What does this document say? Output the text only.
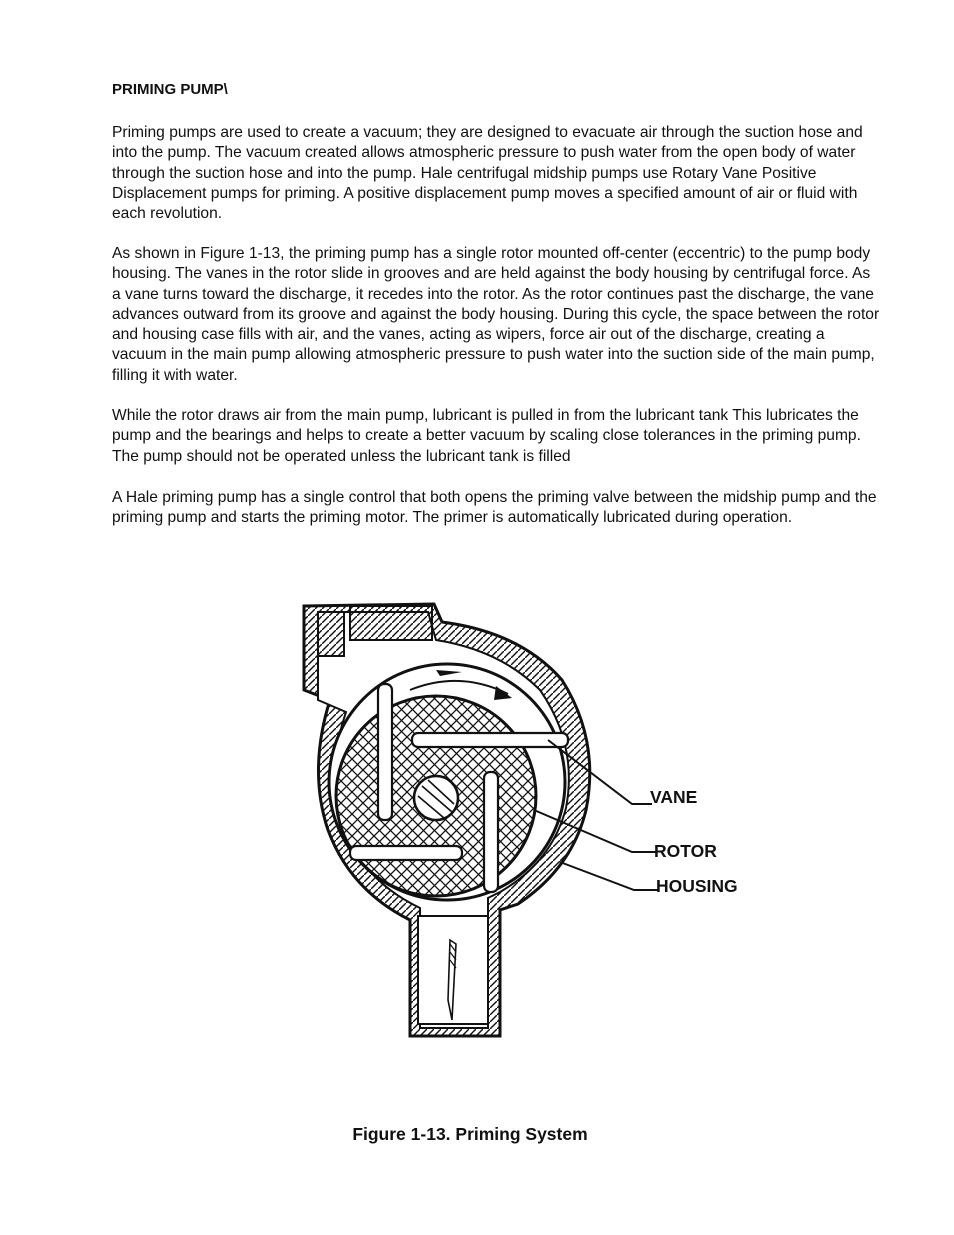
PRIMING PUMP\

Priming pumps are used to create a vacuum; they are designed to evacuate air through the suction hose and into the pump. The vacuum created allows atmospheric pressure to push water from the open body of water through the suction hose and into the pump. Hale centrifugal midship pumps use Rotary Vane Positive Displacement pumps for priming. A positive displacement pump moves a specified amount of air or fluid with each revolution.

As shown in Figure 1-13, the priming pump has a single rotor mounted off-center (eccentric) to the pump body housing. The vanes in the rotor slide in grooves and are held against the body housing by centrifugal force. As a vane turns toward the discharge, it recedes into the rotor. As the rotor continues past the discharge, the vane advances outward from its groove and against the body housing. During this cycle, the space between the rotor and housing case fills with air, and the vanes, acting as wipers, force air out of the discharge, creating a vacuum in the main pump allowing atmospheric pressure to push water into the suction side of the main pump, filling it with water.

While the rotor draws air from the main pump, lubricant is pulled in from the lubricant tank This lubricates the pump and the bearings and helps to create a better vacuum by scaling close tolerances in the priming pump. The pump should not be operated unless the lubricant tank is filled

A Hale priming pump has a single control that both opens the priming valve between the midship pump and the priming pump and starts the priming motor. The primer is automatically lubricated during operation.

VANE
ROTOR
HOUSING

Figure 1-13. Priming System
